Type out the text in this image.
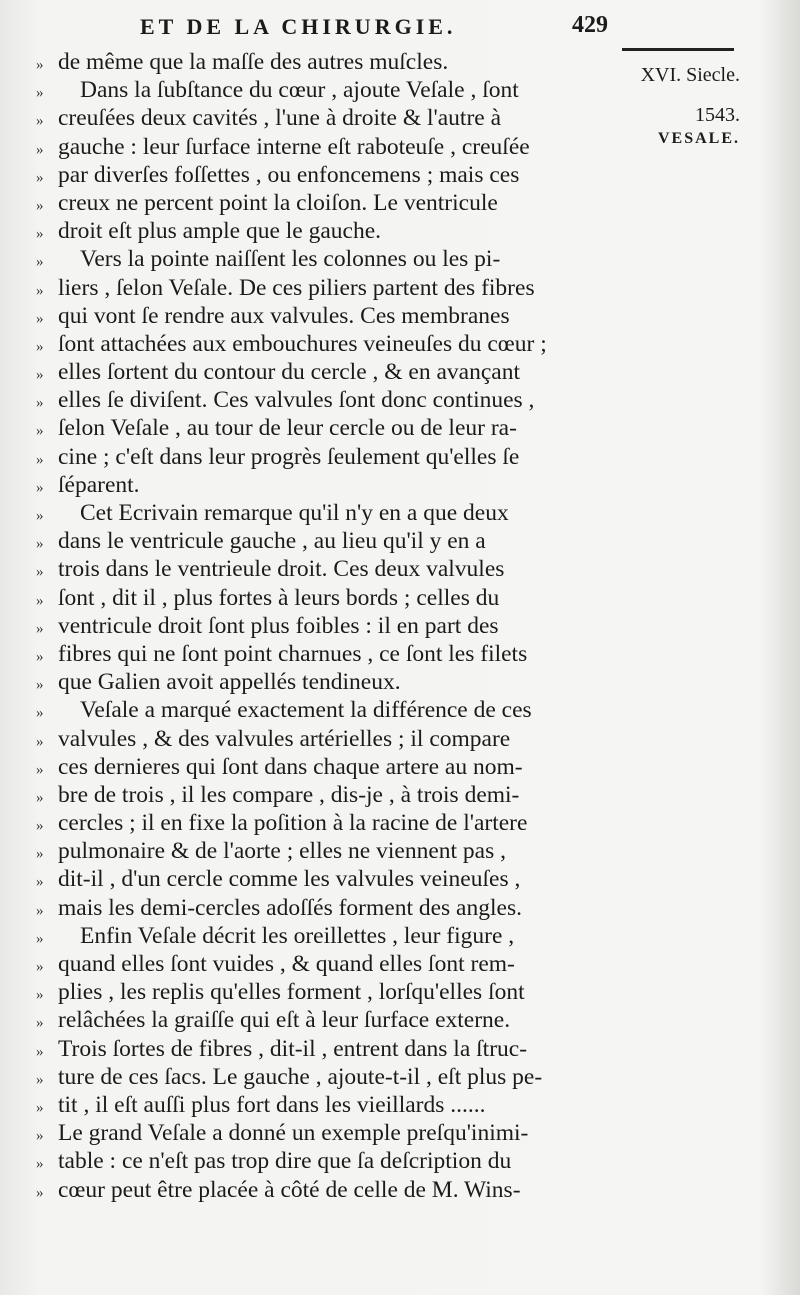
ET DE LA CHIRURGIE.	429
XVI. Siecle.
1543.
VESALE.
» de même que la maſſe des autres muſcles.
» Dans la ſubſtance du cœur , ajoute Veſale , ſont
» creuſées deux cavités , l'une à droite & l'autre à
» gauche : leur ſurface interne eſt raboteuſe , creuſée
» par diverſes foſſettes , ou enfoncemens ; mais ces
» creux ne percent point la cloiſon. Le ventricule
» droit eſt plus ample que le gauche.
» Vers la pointe naiſſent les colonnes ou les pi-
» liers , ſelon Veſale. De ces piliers partent des fibres
» qui vont ſe rendre aux valvules. Ces membranes
» ſont attachées aux embouchures veineuſes du cœur ;
» elles ſortent du contour du cercle , & en avançant
» elles ſe diviſent. Ces valvules ſont donc continues ,
» ſelon Veſale , au tour de leur cercle ou de leur ra-
» cine ; c'eſt dans leur progrès ſeulement qu'elles ſe
» ſéparent.
» Cet Ecrivain remarque qu'il n'y en a que deux
» dans le ventricule gauche , au lieu qu'il y en a
» trois dans le ventrieule droit. Ces deux valvules
» ſont , dit il , plus fortes à leurs bords ; celles du
» ventricule droit ſont plus foibles : il en part des
» fibres qui ne ſont point charnues , ce ſont les filets
» que Galien avoit appellés tendineux.
» Veſale a marqué exactement la différence de ces
» valvules , & des valvules artérielles ; il compare
» ces dernieres qui ſont dans chaque artere au nom-
» bre de trois , il les compare , dis-je , à trois demi-
» cercles ; il en fixe la poſition à la racine de l'artere
» pulmonaire & de l'aorte ; elles ne viennent pas ,
» dit-il , d'un cercle comme les valvules veineuſes ,
» mais les demi-cercles adoſſés forment des angles.
» Enfin Veſale décrit les oreillettes , leur figure ,
» quand elles ſont vuides , & quand elles ſont rem-
» plies , les replis qu'elles forment , lorſqu'elles ſont
» relâchées la graiſſe qui eſt à leur ſurface externe.
» Trois ſortes de fibres , dit-il , entrent dans la ſtruc-
» ture de ces ſacs. Le gauche , ajoute-t-il , eſt plus pe-
» tit , il eſt auſſi plus fort dans les vieillards ......
» Le grand Veſale a donné un exemple preſqu'inimi-
» table : ce n'eſt pas trop dire que ſa deſcription du
» cœur peut être placée à côté de celle de M. Wins-
